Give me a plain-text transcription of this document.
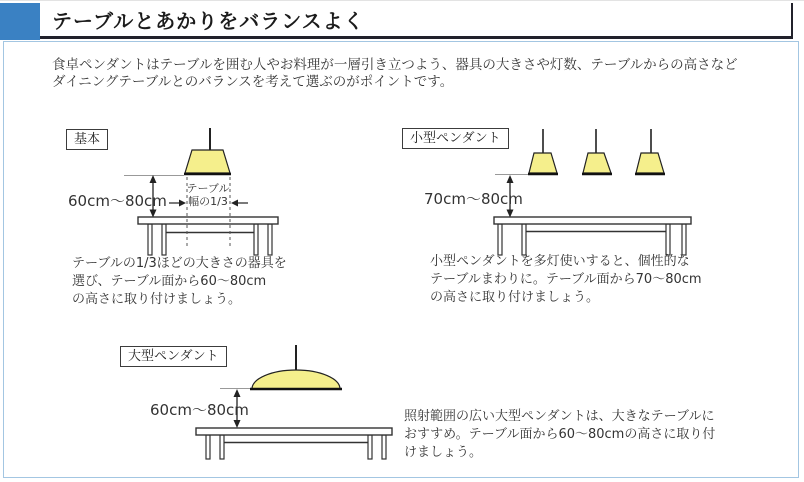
テーブルとあかりをバランスよく

食卓ペンダントはテーブルを囲む人やお料理が一層引き立つよう、器具の大きさや灯数、テーブルからの高さなど
ダイニングテーブルとのバランスを考えて選ぶのがポイントです。

基本	小型ペンダント
大型ペンダント
60cm〜80cm	70cm〜80cm
60cm〜80cm
テーブル
幅の1/3

テーブルの1/3ほどの大きさの器具を
選び、テーブル面から60〜80cm
の高さに取り付けましょう。

小型ペンダントを多灯使いすると、個性的な
テーブルまわりに。テーブル面から70〜80cm
の高さに取り付けましょう。

照射範囲の広い大型ペンダントは、大きなテーブルに
おすすめ。テーブル面から60〜80cmの高さに取り付
けましょう。
